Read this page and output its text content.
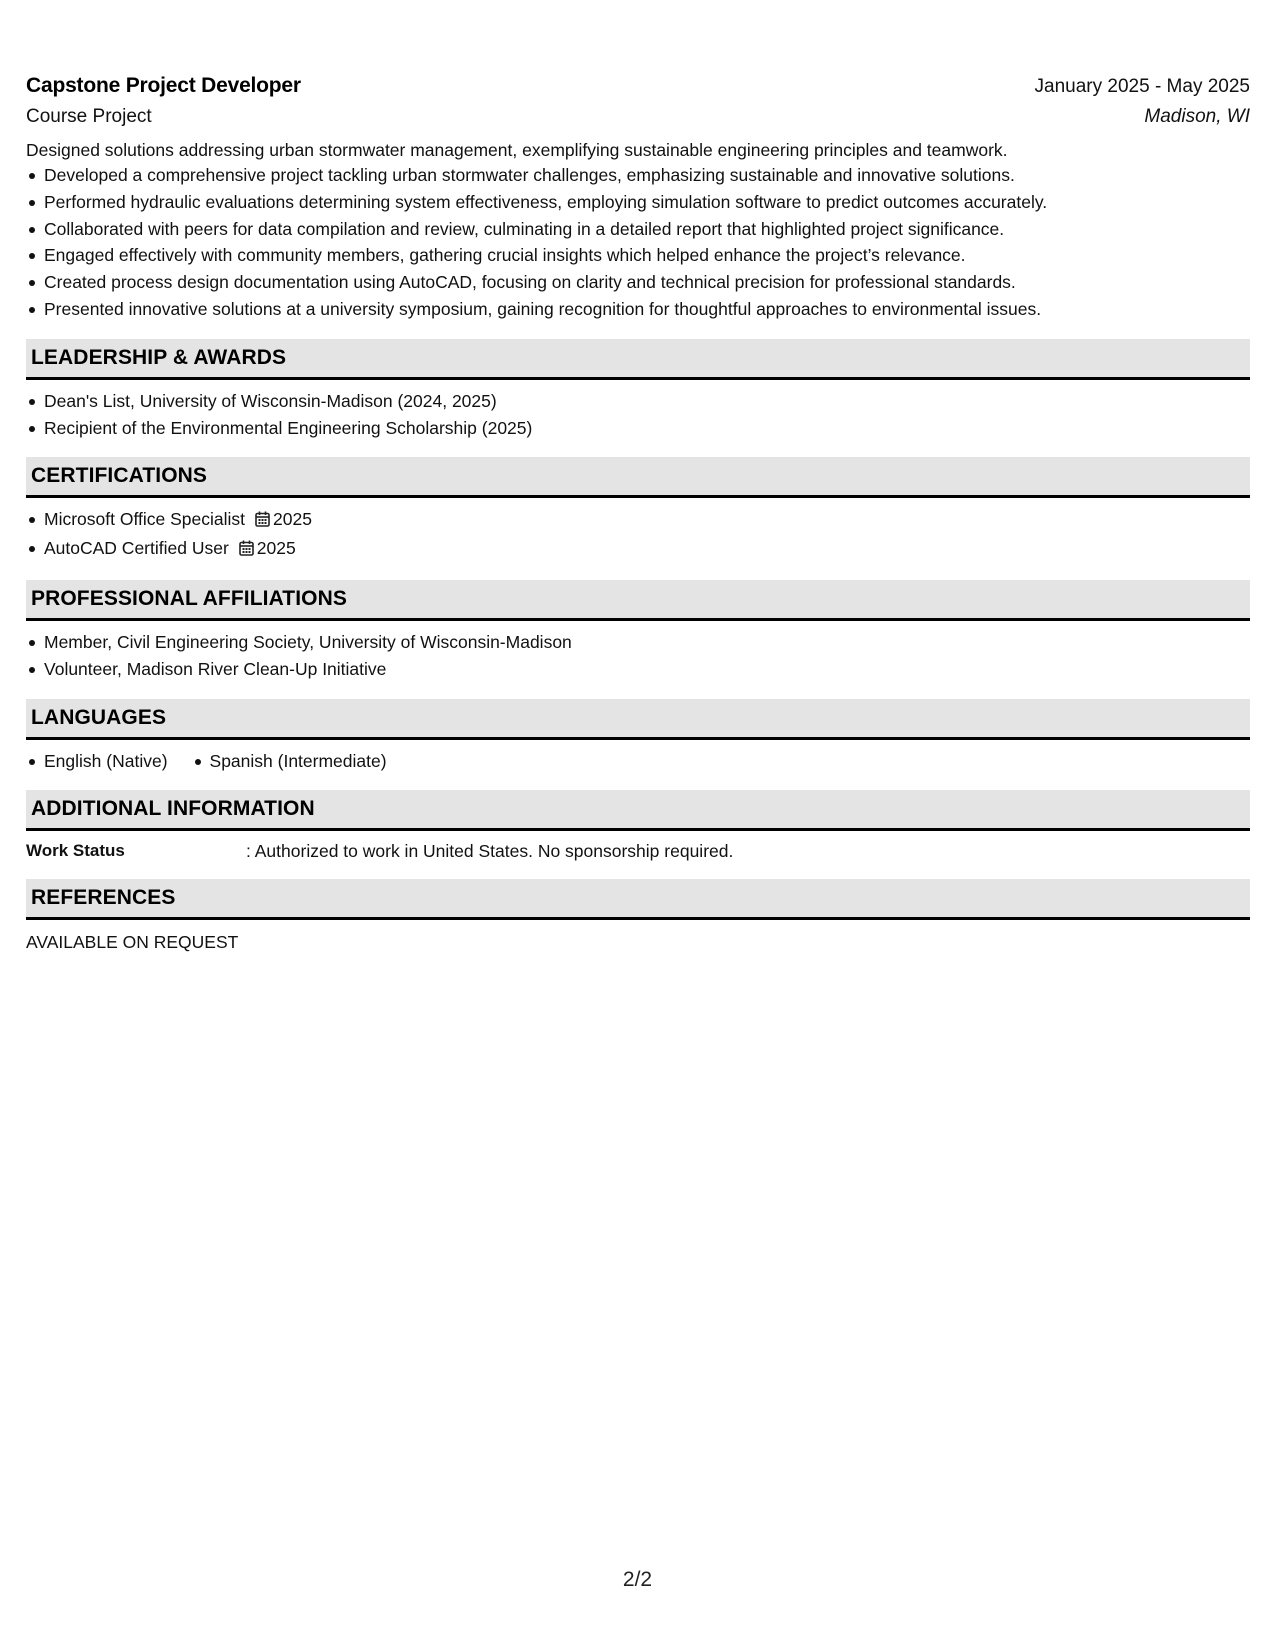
Capstone Project Developer	January 2025 - May 2025
Course Project	Madison, WI
Designed solutions addressing urban stormwater management, exemplifying sustainable engineering principles and teamwork.
Developed a comprehensive project tackling urban stormwater challenges, emphasizing sustainable and innovative solutions.
Performed hydraulic evaluations determining system effectiveness, employing simulation software to predict outcomes accurately.
Collaborated with peers for data compilation and review, culminating in a detailed report that highlighted project significance.
Engaged effectively with community members, gathering crucial insights which helped enhance the project’s relevance.
Created process design documentation using AutoCAD, focusing on clarity and technical precision for professional standards.
Presented innovative solutions at a university symposium, gaining recognition for thoughtful approaches to environmental issues.
LEADERSHIP & AWARDS
Dean's List, University of Wisconsin-Madison (2024, 2025)
Recipient of the Environmental Engineering Scholarship (2025)
CERTIFICATIONS
Microsoft Office Specialist 2025
AutoCAD Certified User 2025
PROFESSIONAL AFFILIATIONS
Member, Civil Engineering Society, University of Wisconsin-Madison
Volunteer, Madison River Clean-Up Initiative
LANGUAGES
English (Native) Spanish (Intermediate)
ADDITIONAL INFORMATION
Work Status	: Authorized to work in United States. No sponsorship required.
REFERENCES
AVAILABLE ON REQUEST
2/2
